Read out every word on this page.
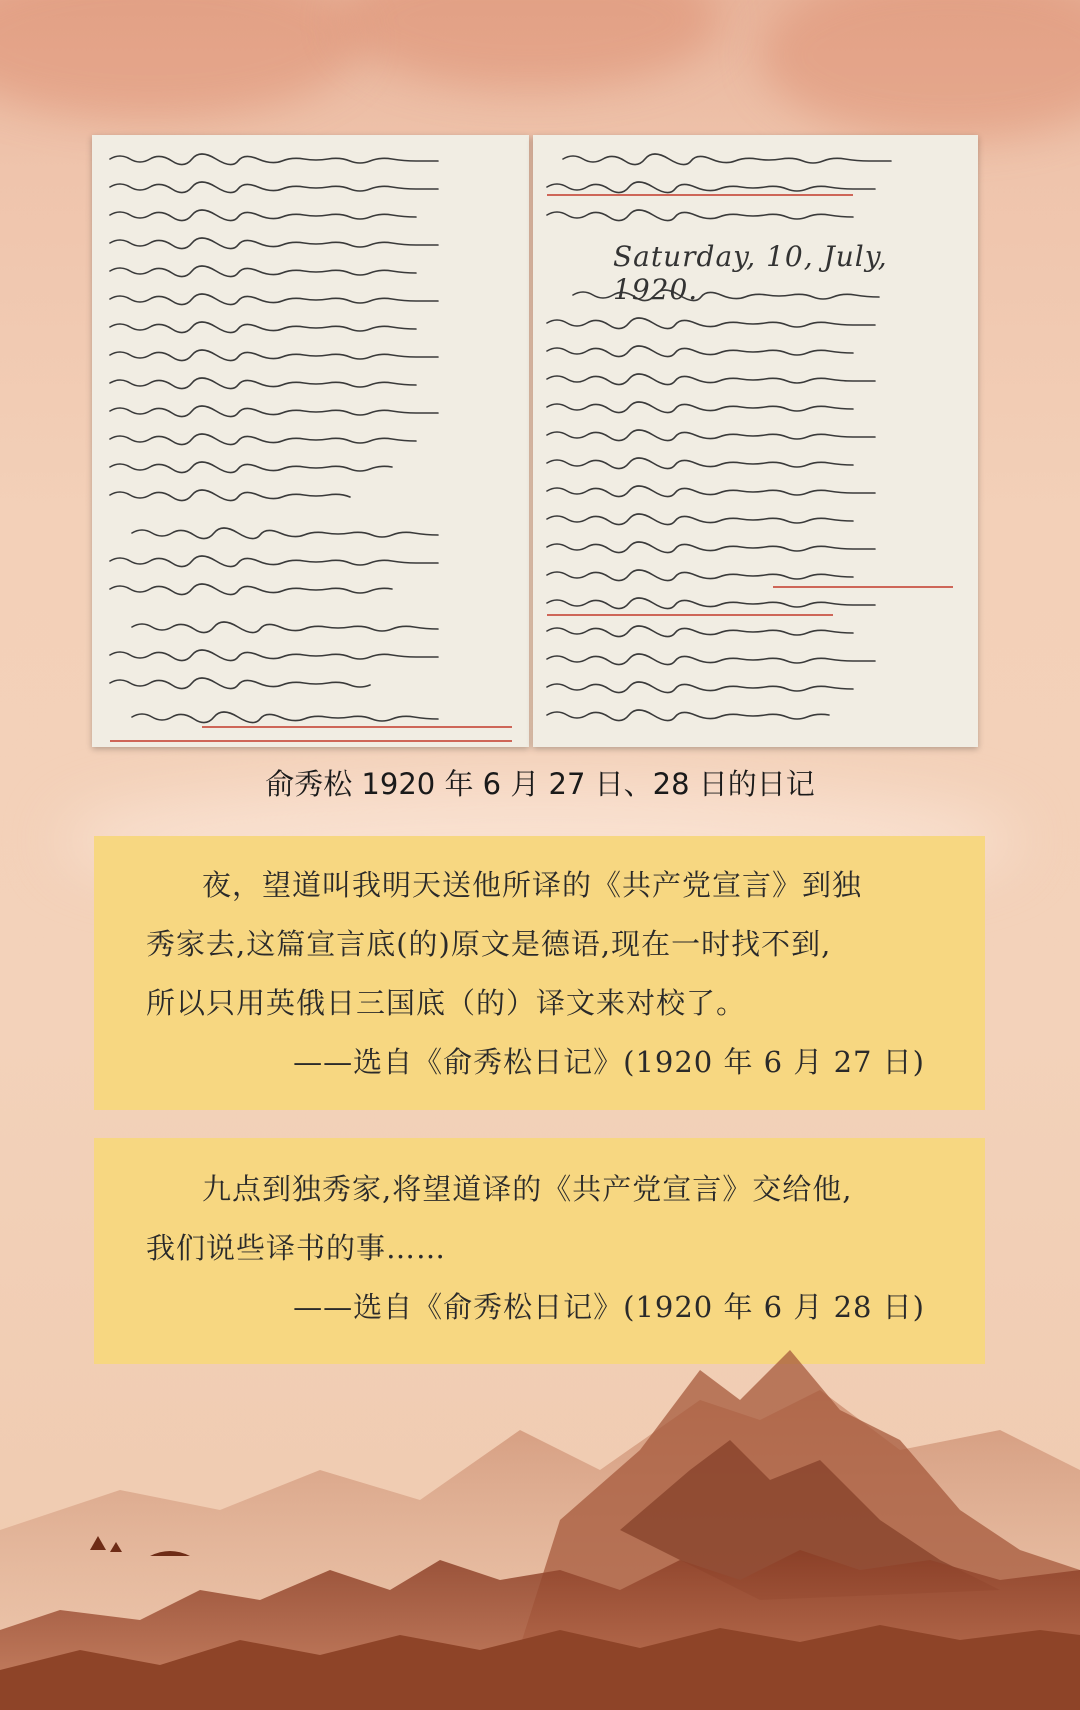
Saturday, 10, July, 1920.
俞秀松 1920 年 6 月 27 日、28 日的日记

夜，望道叫我明天送他所译的《共产党宣言》到独

秀家去,这篇宣言底(的)原文是德语,现在一时找不到,

所以只用英俄日三国底（的）译文来对校了。

——选自《俞秀松日记》(1920 年 6 月 27 日)

九点到独秀家,将望道译的《共产党宣言》交给他,

我们说些译书的事……

——选自《俞秀松日记》(1920 年 6 月 28 日)
